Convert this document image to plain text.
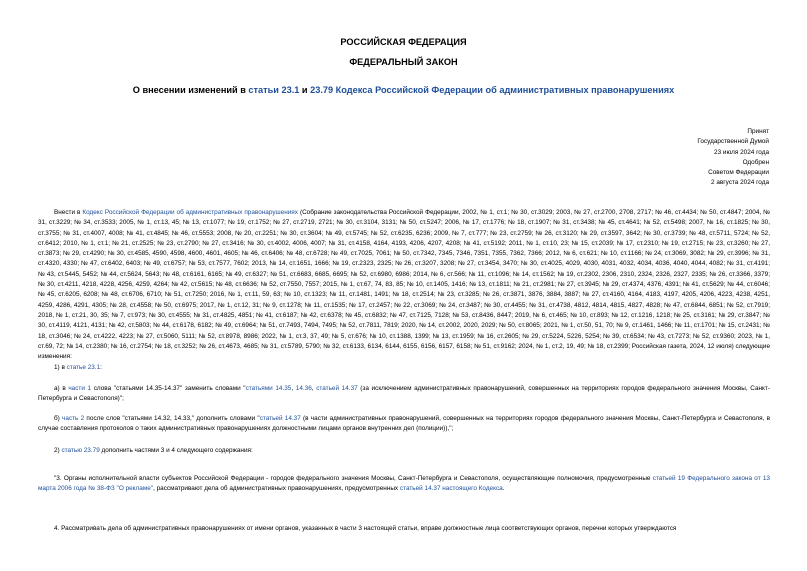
РОССИЙСКАЯ ФЕДЕРАЦИЯ
ФЕДЕРАЛЬНЫЙ ЗАКОН
О внесении изменений в статьи 23.1 и 23.79 Кодекса Российской Федерации об административных правонарушениях
Принят
Государственной Думой
23 июля 2024 года
Одобрен
Советом Федерации
2 августа 2024 года
Внести в Кодекс Российской Федерации об административных правонарушениях (Собрание законодательства Российской Федерации, 2002, № 1, ст.1; № 30, ст.3029; 2003, № 27, ст.2700, 2708, 2717; № 46, ст.4434; № 50, ст.4847; 2004, № 31, ст.3229; № 34, ст.3533; 2005, № 1, ст.13, 45; № 13, ст.1077; № 19, ст.1752; № 27, ст.2719, 2721; № 30, ст.3104, 3131; № 50, ст.5247; 2006, № 17, ст.1776; № 18, ст.1907; № 31, ст.3438; № 45, ст.4641; № 52, ст.5498; 2007, № 16, ст.1825; № 30, ст.3755; № 31, ст.4007, 4008; № 41, ст.4845; № 46, ст.5553; 2008, № 20, ст.2251; № 30, ст.3604; № 49, ст.5745; № 52, ст.6235, 6236; 2009, № 7, ст.777; № 23, ст.2759; № 26, ст.3120; № 29, ст.3597, 3642; № 30, ст.3739; № 48, ст.5711, 5724; № 52, ст.6412; 2010, № 1, ст.1; № 21, ст.2525; № 23, ст.2790; № 27, ст.3416; № 30, ст.4002, 4006, 4007; № 31, ст.4158, 4164, 4193, 4206, 4207, 4208; № 41, ст.5192; 2011, № 1, ст.10, 23; № 15, ст.2039; № 17, ст.2310; № 19, ст.2715; № 23, ст.3260; № 27, ст.3873; № 29, ст.4290; № 30, ст.4585, 4590, 4598, 4600, 4601, 4605; № 46, ст.6406; № 48, ст.6728; № 49, ст.7025, 7061; № 50, ст.7342, 7345, 7346, 7351, 7355, 7362, 7366; 2012, № 6, ст.621; № 10, ст.1166; № 24, ст.3069, 3082; № 29, ст.3996; № 31, ст.4320, 4330; № 47, ст.6402, 6403; № 49, ст.6757; № 53, ст.7577, 7602; 2013, № 14, ст.1651, 1666; № 19, ст.2323, 2325; № 26, ст.3207, 3208; № 27, ст.3454, 3470; № 30, ст.4025, 4029, 4030, 4031, 4032, 4034, 4036, 4040, 4044, 4082; № 31, ст.4191; № 43, ст.5445, 5452; № 44, ст.5624, 5643; № 48, ст.6161, 6165; № 49, ст.6327; № 51, ст.6683, 6685, 6695; № 52, ст.6980, 6986; 2014, № 6, ст.566; № 11, ст.1096; № 14, ст.1562; № 19, ст.2302, 2306, 2310, 2324, 2326, 2327, 2335; № 26, ст.3366, 3379; № 30, ст.4211, 4218, 4228, 4256, 4259, 4264; № 42, ст.5615; № 48, ст.6636; № 52, ст.7550, 7557; 2015, № 1, ст.67, 74, 83, 85; № 10, ст.1405, 1416; № 13, ст.1811; № 21, ст.2981; № 27, ст.3945; № 29, ст.4374, 4376, 4391; № 41, ст.5629; № 44, ст.6046; № 45, ст.6205, 6208; № 48, ст.6706, 6710; № 51, ст.7250; 2016, № 1, ст.11, 59, 63; № 10, ст.1323; № 11, ст.1481, 1491; № 18, ст.2514; № 23, ст.3285; № 26, ст.3871, 3876, 3884, 3887; № 27, ст.4160, 4164, 4183, 4197, 4205, 4206, 4223, 4238, 4251, 4259, 4286, 4291, 4305; № 28, ст.4558; № 50, ст.6975; 2017, № 1, ст.12, 31; № 9, ст.1278; № 11, ст.1535; № 17, ст.2457; № 22, ст.3069; № 24, ст.3487; № 30, ст.4455; № 31, ст.4738, 4812, 4814, 4815, 4827, 4828; № 47, ст.6844, 6851; № 52, ст.7919; 2018, № 1, ст.21, 30, 35; № 7, ст.973; № 30, ст.4555; № 31, ст.4825, 4851; № 41, ст.6187; № 42, ст.6378; № 45, ст.6832; № 47, ст.7125, 7128; № 53, ст.8436, 8447; 2019, № 6, ст.465; № 10, ст.893; № 12, ст.1216, 1218; № 25, ст.3161; № 29, ст.3847; № 30, ст.4119, 4121, 4131; № 42, ст.5803; № 44, ст.6178, 6182; № 49, ст.6964; № 51, ст.7493, 7494, 7495; № 52, ст.7811, 7819; 2020, № 14, ст.2002, 2020, 2029; № 50, ст.8065; 2021, № 1, ст.50, 51, 70; № 9, ст.1461, 1466; № 11, ст.1701; № 15, ст.2431; № 18, ст.3046; № 24, ст.4222, 4223; № 27, ст.5060, 5111; № 52, ст.8978, 8986; 2022, № 1, ст.3, 37, 49; № 5, ст.676; № 10, ст.1388, 1399; № 13, ст.1959; № 16, ст.2605; № 29, ст.5224, 5226, 5254; № 39, ст.6534; № 43, ст.7273; № 52, ст.9360; 2023, № 1, ст.69, 72; № 14, ст.2380; № 16, ст.2754; № 18, ст.3252; № 26, ст.4673, 4685; № 31, ст.5789, 5790; № 32, ст.6133, 6134, 6144, 6155, 6156, 6157, 6158; № 51, ст.9162; 2024, № 1, ст.2, 19, 49; № 18, ст.2399; Российская газета, 2024, 12 июля) следующие изменения:
1) в статье 23.1:
а) в части 1 слова "статьями 14.35-14.37" заменить словами "статьями 14.35, 14.36, статьей 14.37 (за исключением административных правонарушений, совершенных на территориях городов федерального значения Москвы, Санкт-Петербурга и Севастополя)";
б) часть 2 после слов "статьями 14.32, 14.33," дополнить словами "статьей 14.37 (в части административных правонарушений, совершенных на территориях городов федерального значения Москвы, Санкт-Петербурга и Севастополя, в случае составления протоколов о таких административных правонарушениях должностными лицами органов внутренних дел (полиции)),";
2) статью 23.79 дополнить частями 3 и 4 следующего содержания:
"3. Органы исполнительной власти субъектов Российской Федерации - городов федерального значения Москвы, Санкт-Петербурга и Севастополя, осуществляющие полномочия, предусмотренные статьей 19 Федерального закона от 13 марта 2006 года № 38-ФЗ "О рекламе", рассматривают дела об административных правонарушениях, предусмотренных статьей 14.37 настоящего Кодекса.
4. Рассматривать дела об административных правонарушениях от имени органов, указанных в части 3 настоящей статьи, вправе должностные лица соответствующих органов, перечни которых утверждаются
